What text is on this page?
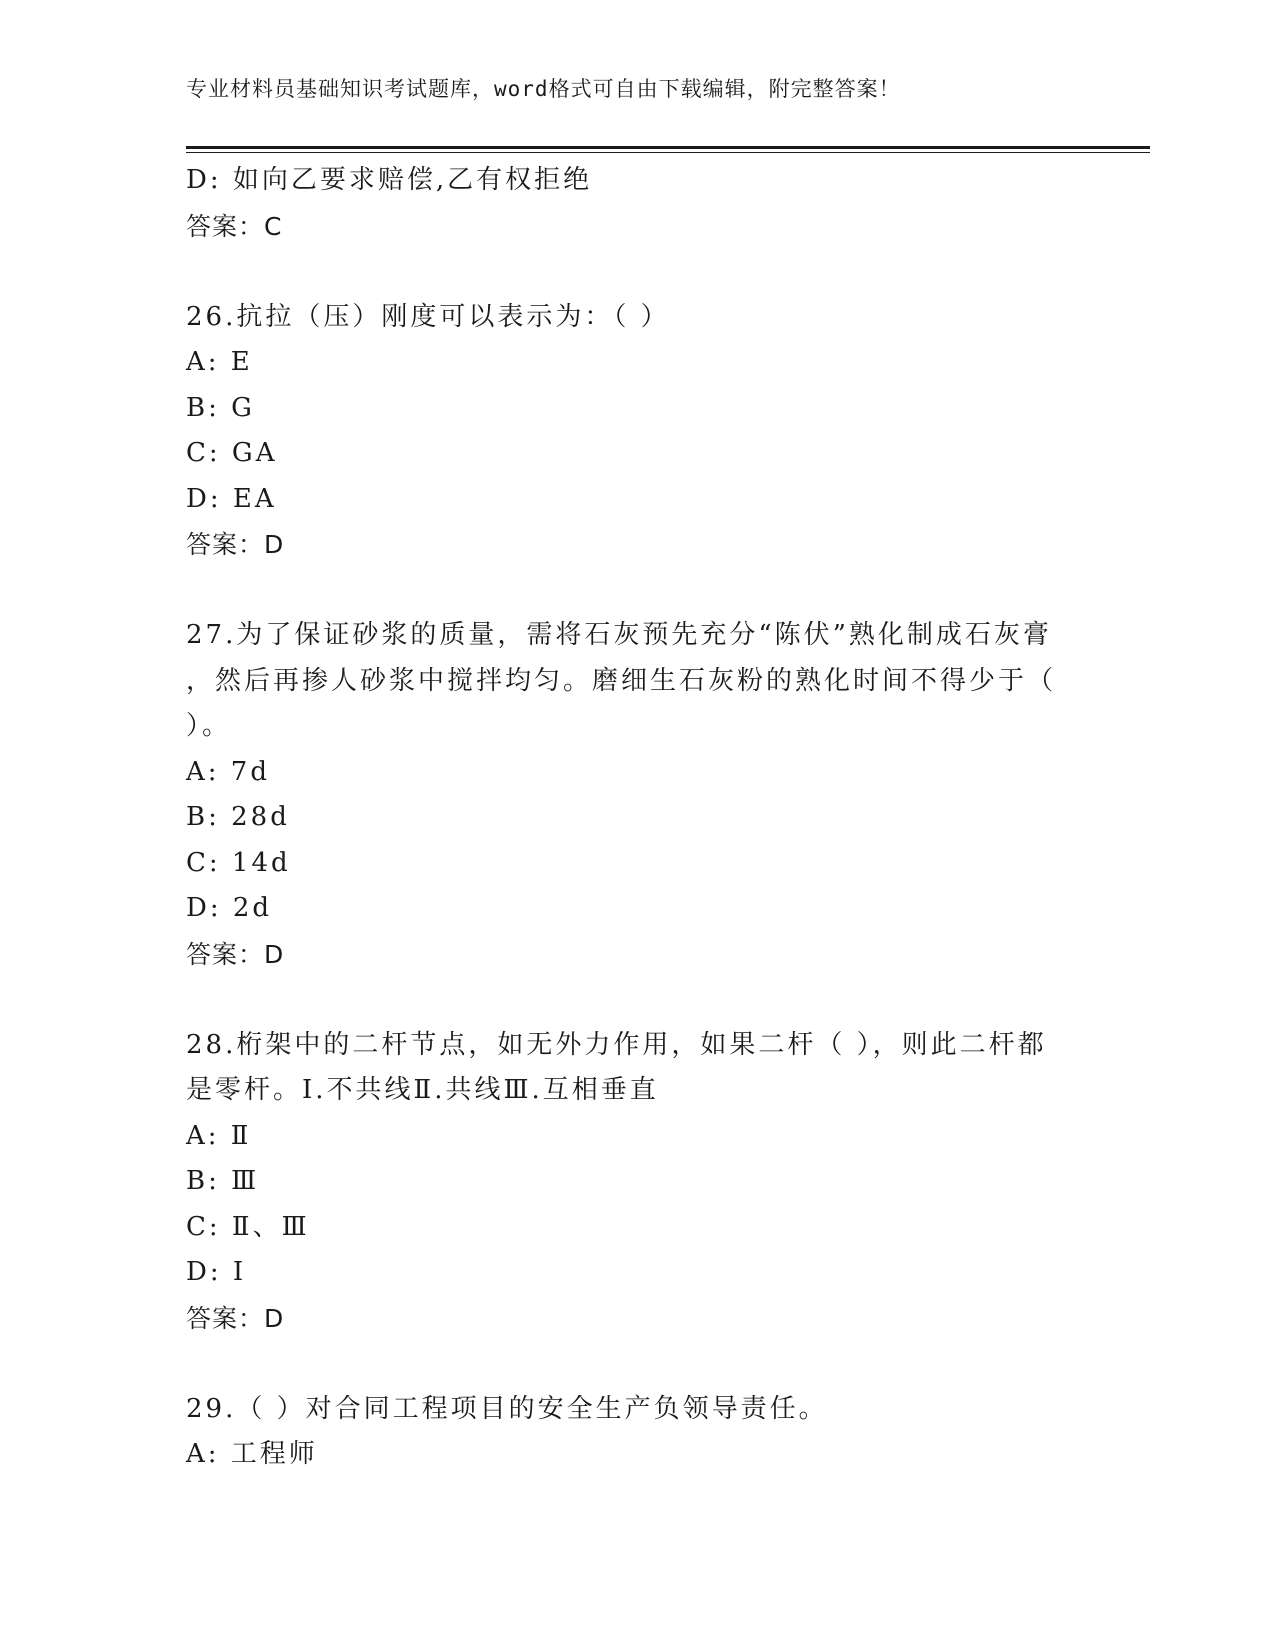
专业材料员基础知识考试题库，word格式可自由下载编辑，附完整答案！
D: 如向乙要求赔偿,乙有权拒绝
答案：C
26.抗拉（压）刚度可以表示为：（ ）
A: E
B: G
C: GA
D: EA
答案：D
27.为了保证砂浆的质量，需将石灰预先充分“陈伏”熟化制成石灰膏
，然后再掺人砂浆中搅拌均匀。磨细生石灰粉的熟化时间不得少于（
）。
A: 7d
B: 28d
C: 14d
D: 2d
答案：D
28.桁架中的二杆节点，如无外力作用，如果二杆（ ），则此二杆都
是零杆。I.不共线Ⅱ.共线Ⅲ.互相垂直
A: Ⅱ
B: Ⅲ
C: Ⅱ、Ⅲ
D: I
答案：D
29.（ ）对合同工程项目的安全生产负领导责任。
A: 工程师
